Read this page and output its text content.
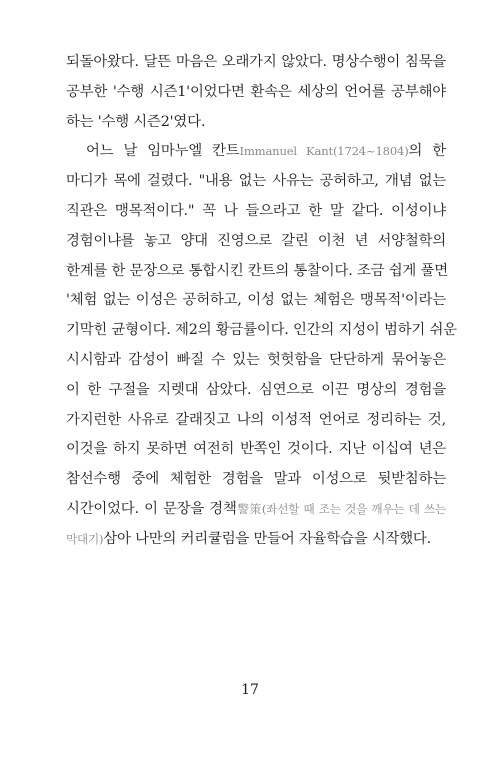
되돌아왔다. 달뜬 마음은 오래가지 않았다. 명상수행이 침묵을
공부한 '수행 시즌1'이었다면 환속은 세상의 언어를 공부해야
하는 '수행 시즌2'였다.
어느 날 임마누엘 칸트Immanuel Kant(1724~1804)의 한
마디가 목에 걸렸다. "내용 없는 사유는 공허하고, 개념 없는
직관은 맹목적이다." 꼭 나 들으라고 한 말 같다. 이성이냐
경험이냐를 놓고 양대 진영으로 갈린 이천 년 서양철학의
한계를 한 문장으로 통합시킨 칸트의 통찰이다. 조금 쉽게 풀면
'체험 없는 이성은 공허하고, 이성 없는 체험은 맹목적'이라는
기막힌 균형이다. 제2의 황금률이다. 인간의 지성이 범하기 쉬운
시시함과 감성이 빠질 수 있는 헛헛함을 단단하게 묶어놓은
이 한 구절을 지렛대 삼았다. 심연으로 이끈 명상의 경험을
가지런한 사유로 갈래짓고 나의 이성적 언어로 정리하는 것,
이것을 하지 못하면 여전히 반쪽인 것이다. 지난 이십여 년은
참선수행 중에 체험한 경험을 말과 이성으로 뒷받침하는
시간이었다. 이 문장을 경책警策(좌선할 때 조는 것을 깨우는 데 쓰는
막대기)삼아 나만의 커리큘럼을 만들어 자율학습을 시작했다.
17
